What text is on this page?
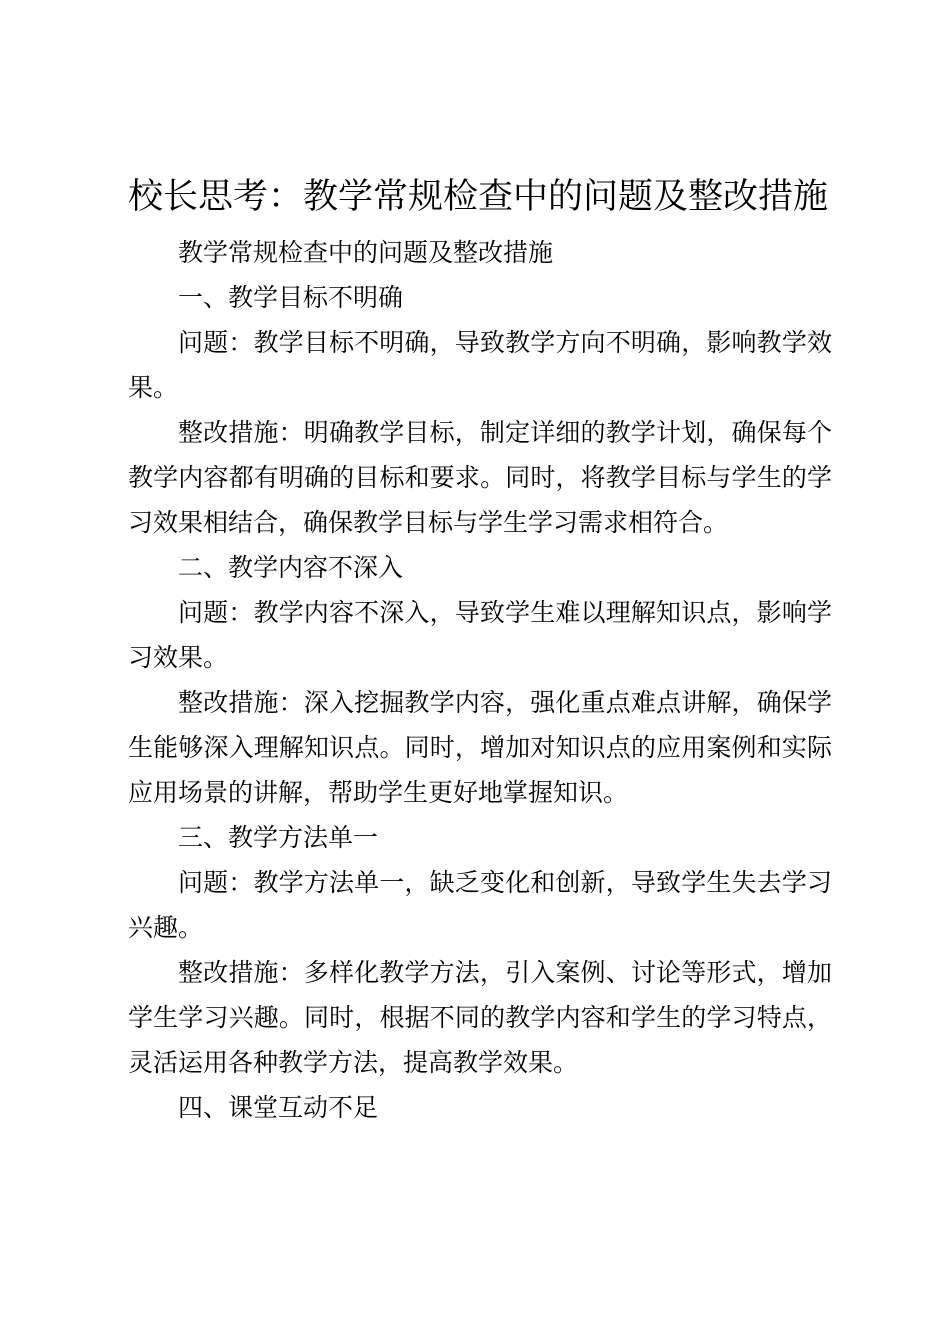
校长思考：教学常规检查中的问题及整改措施

教学常规检查中的问题及整改措施

一、教学目标不明确

问题：教学目标不明确，导致教学方向不明确，影响教学效果。

整改措施：明确教学目标，制定详细的教学计划，确保每个教学内容都有明确的目标和要求。同时，将教学目标与学生的学习效果相结合，确保教学目标与学生学习需求相符合。

二、教学内容不深入

问题：教学内容不深入，导致学生难以理解知识点，影响学习效果。

整改措施：深入挖掘教学内容，强化重点难点讲解，确保学生能够深入理解知识点。同时，增加对知识点的应用案例和实际应用场景的讲解，帮助学生更好地掌握知识。

三、教学方法单一

问题：教学方法单一，缺乏变化和创新，导致学生失去学习兴趣。

整改措施：多样化教学方法，引入案例、讨论等形式，增加学生学习兴趣。同时，根据不同的教学内容和学生的学习特点，灵活运用各种教学方法，提高教学效果。

四、课堂互动不足
